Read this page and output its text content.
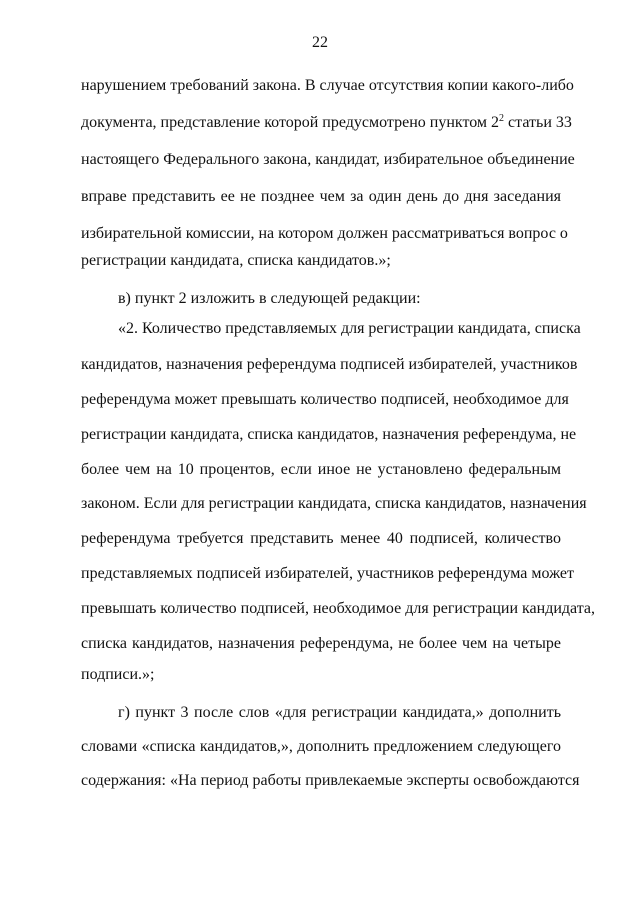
22
нарушением требований закона. В случае отсутствия копии какого-либо
документа, представление которой предусмотрено пунктом $2^2$ статьи 33
настоящего Федерального закона, кандидат, избирательное объединение
вправе представить ее не позднее чем за один день до дня заседания
избирательной комиссии, на котором должен рассматриваться вопрос о
регистрации кандидата, списка кандидатов.»;
в) пункт 2 изложить в следующей редакции:
«2. Количество представляемых для регистрации кандидата, списка
кандидатов, назначения референдума подписей избирателей, участников
референдума может превышать количество подписей, необходимое для
регистрации кандидата, списка кандидатов, назначения референдума, не
более чем на 10 процентов, если иное не установлено федеральным
законом. Если для регистрации кандидата, списка кандидатов, назначения
референдума требуется представить менее 40 подписей, количество
представляемых подписей избирателей, участников референдума может
превышать количество подписей, необходимое для регистрации кандидата,
списка кандидатов, назначения референдума, не более чем на четыре
подписи.»;
г) пункт 3 после слов «для регистрации кандидата,» дополнить
словами «списка кандидатов,», дополнить предложением следующего
содержания: «На период работы привлекаемые эксперты освобождаются
